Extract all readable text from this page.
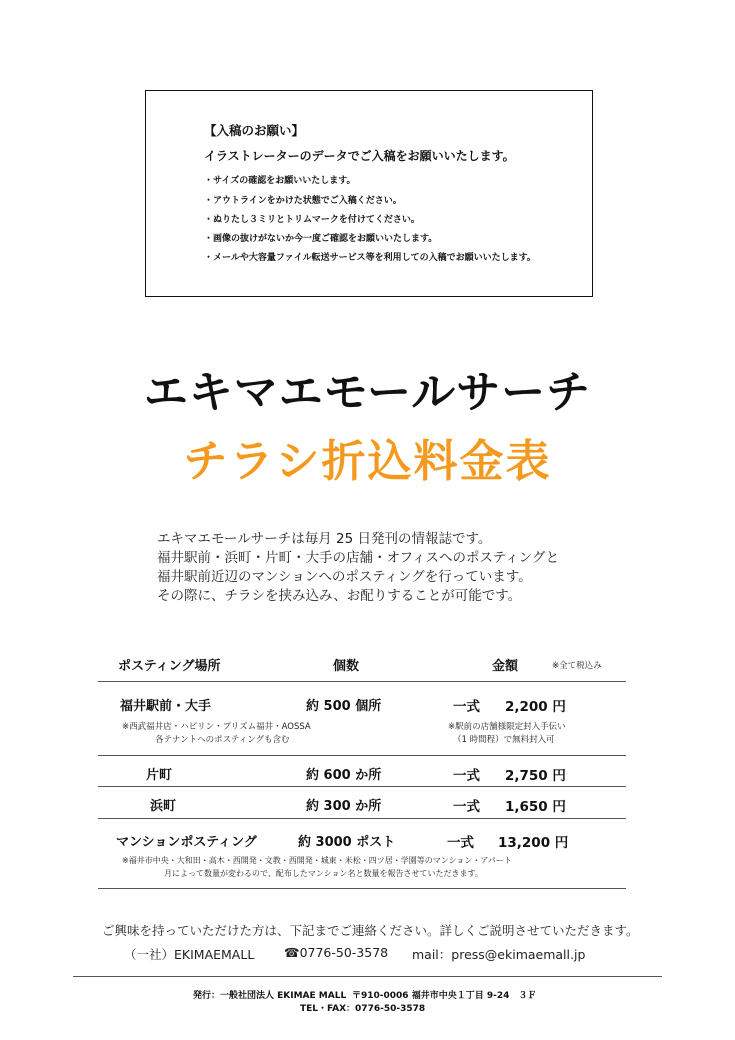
【入稿のお願い】
イラストレーターのデータでご入稿をお願いいたします。
・サイズの確認をお願いいたします。
・アウトラインをかけた状態でご入稿ください。
・ぬりたし３ミリとトリムマークを付けてください。
・画像の抜けがないか今一度ご確認をお願いいたします。
・メールや大容量ファイル転送サービス等を利用しての入稿でお願いいたします。
エキマエモールサーチ
チラシ折込料金表
エキマエモールサーチは毎月 25 日発刊の情報誌です。
福井駅前・浜町・片町・大手の店舗・オフィスへのポスティングと
福井駅前近辺のマンションへのポスティングを行っています。
その際に、チラシを挟み込み、お配りすることが可能です。
ポスティング場所	個数	金額	※全て税込み
福井駅前・大手	約 500 個所	一式 2,200 円
※西武福井店・ハピリン・プリズム福井・AOSSA
各テナントへのポスティングも含む
※駅前の店舗様限定封入手伝い
（1 時間程）で無料封入可
片町	約 600 か所	一式 2,750 円
浜町	約 300 か所	一式 1,650 円
マンションポスティング	約 3000 ポスト	一式 13,200 円
※福井市中央・大和田・高木・西開発・文教・西開発・城東・米松・四ツ居・学園等のマンション・アパート
月によって数量が変わるので、配布したマンション名と数量を報告させていただきます。
ご興味を持っていただけた方は、下記までご連絡ください。詳しくご説明させていただきます。
（一社）EKIMAEMALL ☎0776-50-3578 mail：press@ekimaemall.jp
発行：一般社団法人 EKIMAE MALL 〒910-0006 福井市中央１丁目 9-24　３Ｆ
TEL・FAX：0776-50-3578
